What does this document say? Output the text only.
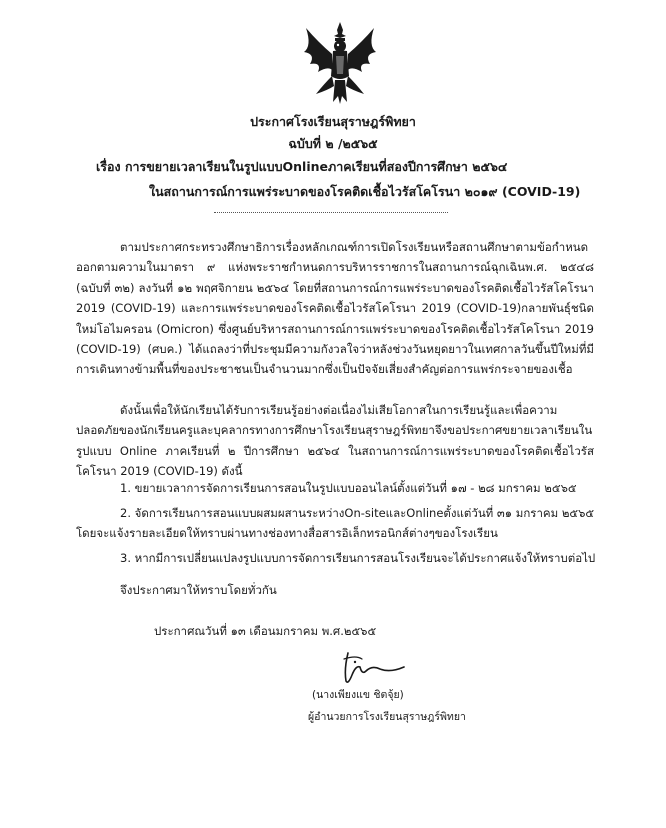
ประกาศโรงเรียนสุราษฎร์พิทยา
ฉบับที่ ๒ /๒๕๖๕
เรื่อง การขยายเวลาเรียนในรูปแบบOnlineภาคเรียนที่สองปีการศึกษา ๒๕๖๔
ในสถานการณ์การแพร่ระบาดของโรคติดเชื้อไวรัสโคโรนา ๒๐๑๙ (COVID-19)
ตามประกาศกระทรวงศึกษาธิการเรื่องหลักเกณฑ์การเปิดโรงเรียนหรือสถานศึกษาตามข้อกำหนด ออกตามความในมาตรา ๙ แห่งพระราชกำหนดการบริหารราชการในสถานการณ์ฉุกเฉินพ.ศ. ๒๕๔๘ (ฉบับที่ ๓๒) ลงวันที่ ๑๒ พฤศจิกายน ๒๕๖๔ โดยที่สถานการณ์การแพร่ระบาดของโรคติดเชื้อไวรัสโคโรนา 2019 (COVID-19) และการแพร่ระบาดของโรคติดเชื้อไวรัสโคโรนา 2019 (COVID-19)กลายพันธุ์ชนิดใหม่โอไมครอน (Omicron) ซึ่งศูนย์บริหารสถานการณ์การแพร่ระบาดของโรคติดเชื้อไวรัสโคโรนา 2019 (COVID-19) (ศบค.) ได้แถลงว่าที่ประชุมมีความกังวลใจว่าหลังช่วงวันหยุดยาวในเทศกาลวันขึ้นปีใหม่ที่มีการเดินทางข้ามพื้นที่ของประชาชนเป็นจำนวนมากซึ่งเป็นปัจจัยเสี่ยงสำคัญต่อการแพร่กระจายของเชื้อ
ดังนั้นเพื่อให้นักเรียนได้รับการเรียนรู้อย่างต่อเนื่องไม่เสียโอกาสในการเรียนรู้และเพื่อความปลอดภัยของนักเรียนครูและบุคลากรทางการศึกษาโรงเรียนสุราษฎร์พิทยาจึงขอประกาศขยายเวลาเรียนในรูปแบบ Online ภาคเรียนที่ ๒ ปีการศึกษา ๒๕๖๔ ในสถานการณ์การแพร่ระบาดของโรคติดเชื้อไวรัสโคโรนา 2019 (COVID-19) ดังนี้
1. ขยายเวลาการจัดการเรียนการสอนในรูปแบบออนไลน์ตั้งแต่วันที่ ๑๗ - ๒๘ มกราคม ๒๕๖๕
2. จัดการเรียนการสอนแบบผสมผสานระหว่างOn-siteและOnlineตั้งแต่วันที่ ๓๑ มกราคม ๒๕๖๕
โดยจะแจ้งรายละเอียดให้ทราบผ่านทางช่องทางสื่อสารอิเล็กทรอนิกส์ต่างๆของโรงเรียน
3. หากมีการเปลี่ยนแปลงรูปแบบการจัดการเรียนการสอนโรงเรียนจะได้ประกาศแจ้งให้ทราบต่อไป
จึงประกาศมาให้ทราบโดยทั่วกัน
ประกาศณวันที่ ๑๓ เดือนมกราคม พ.ศ.๒๕๖๕
(นางเพียงแข ชิตจุ้ย)
ผู้อำนวยการโรงเรียนสุราษฎร์พิทยา
